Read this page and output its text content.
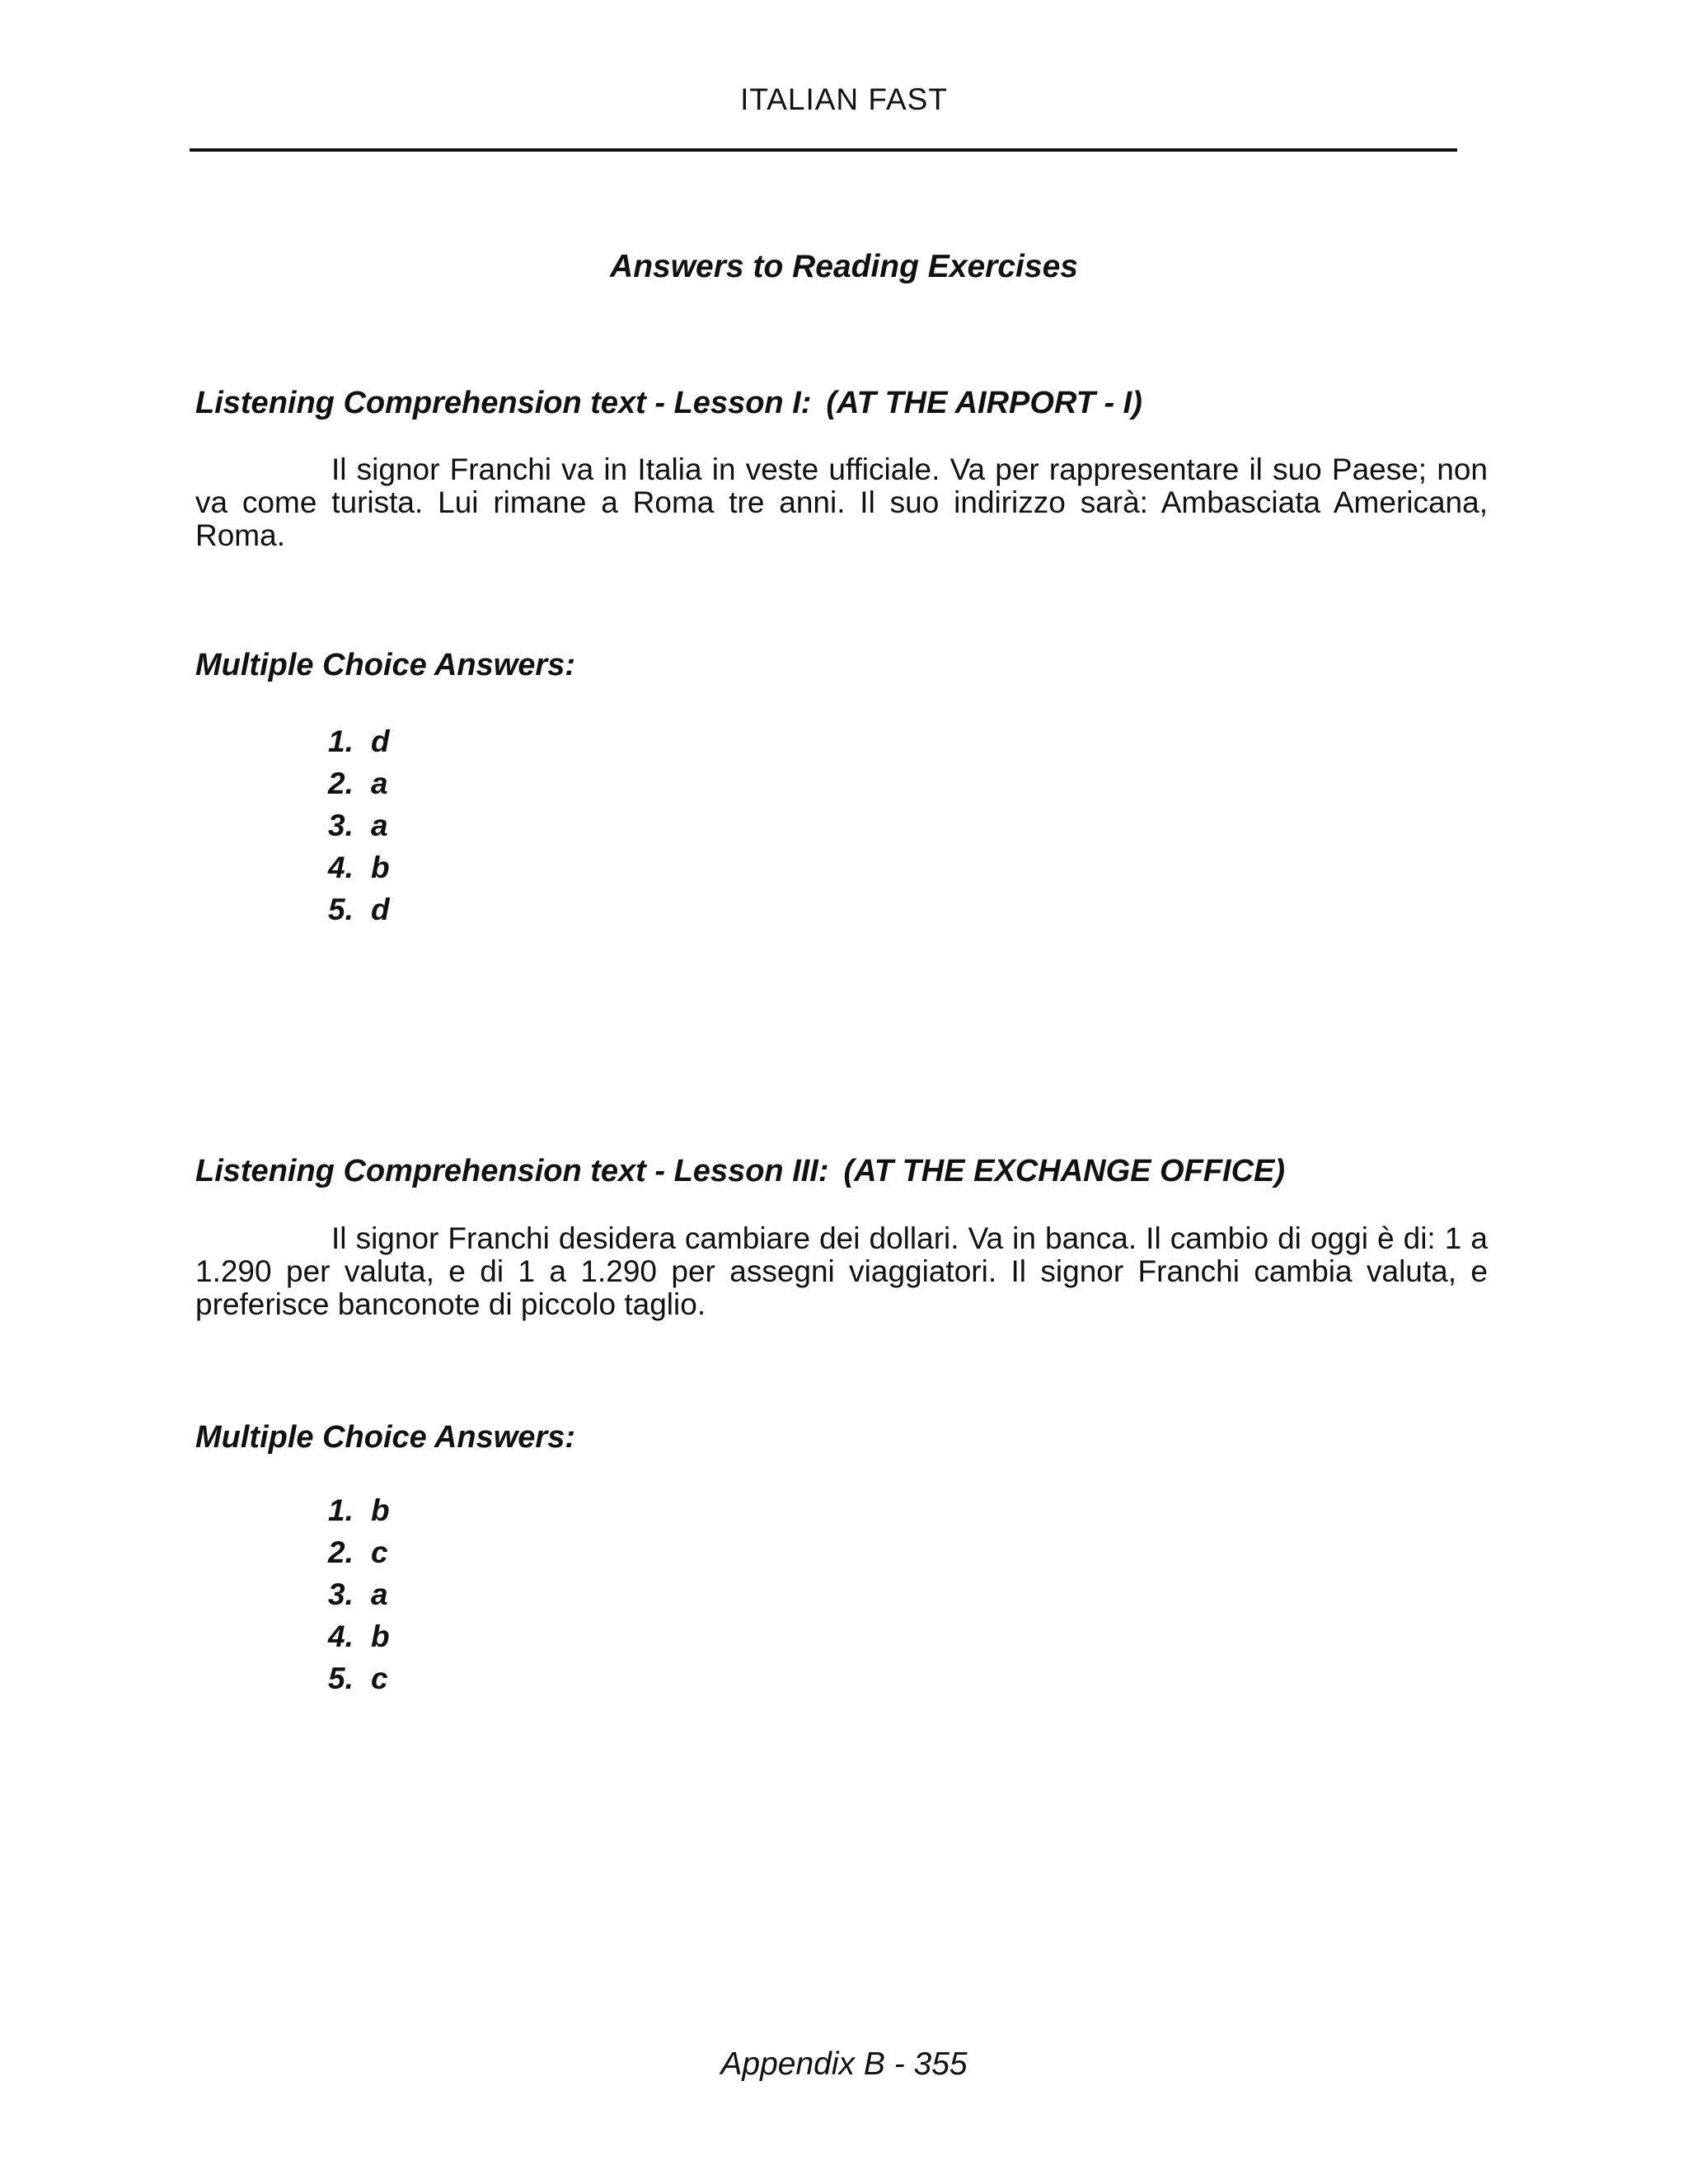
ITALIAN FAST
Answers to Reading Exercises
Listening Comprehension text - Lesson I: (AT THE AIRPORT - I)
Il signor Franchi va in Italia in veste ufficiale. Va per rappresentare il suo Paese; non va come turista. Lui rimane a Roma tre anni. Il suo indirizzo sarà: Ambasciata Americana, Roma.
Multiple Choice Answers:
1. d
2. a
3. a
4. b
5. d
Listening Comprehension text - Lesson III: (AT THE EXCHANGE OFFICE)
Il signor Franchi desidera cambiare dei dollari. Va in banca. Il cambio di oggi è di: 1 a 1.290 per valuta, e di 1 a 1.290 per assegni viaggiatori. Il signor Franchi cambia valuta, e preferisce banconote di piccolo taglio.
Multiple Choice Answers:
1. b
2. c
3. a
4. b
5. c
Appendix B - 355
